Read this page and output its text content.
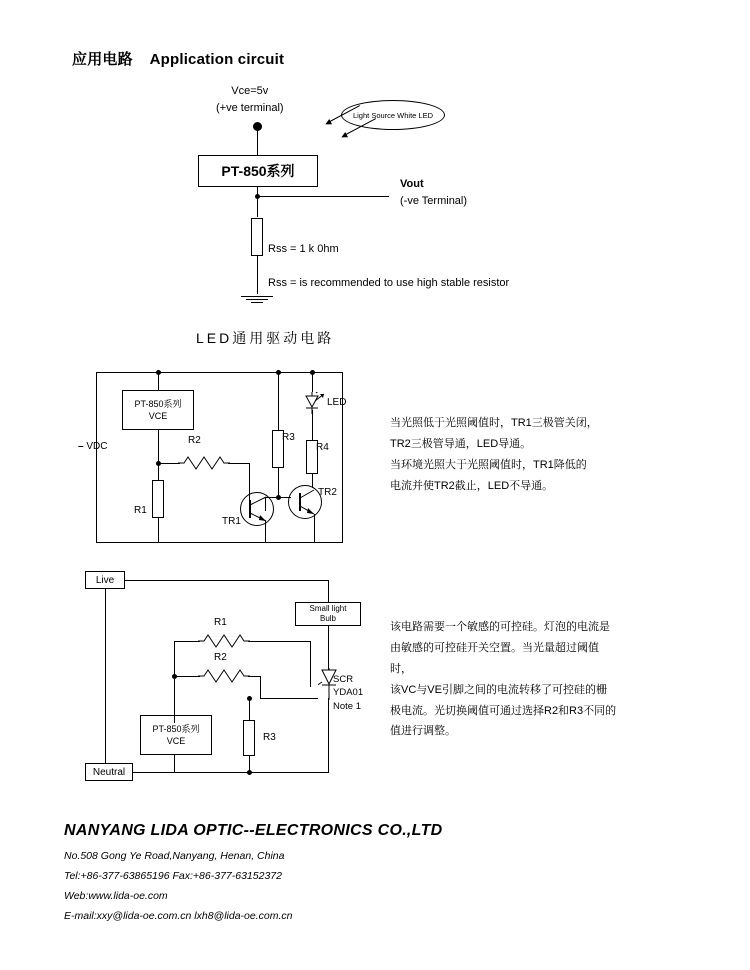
应用电路 Application circuit
Vce=5v
(+ve terminal)
PT-850系列
Vout
(-ve Terminal)

Rss = 1 k 0hm

Rss = is recommended to use high stable resistor

Light Source White LED
LED通用驱动电路
– VDC
PT-850系列
VCE
R2
R1
TR1
R3
R4
TR2
LED
当光照低于光照阈值时，TR1三极管关闭，
TR2三极管导通，LED导通。
当环境光照大于光照阈值时，TR1降低的
电流并使TR2截止，LED不导通。
Live
Neutral
Small light
Bulb
SCR
YDA01
Note 1
R1
R2
PT-850系列
VCE	R3
该电路需要一个敏感的可控硅。灯泡的电流是
由敏感的可控硅开关空置。当光量超过阈值时，
该VC与VE引脚之间的电流转移了可控硅的栅
极电流。光切换阈值可通过选择R2和R3不同的
值进行调整。
NANYANG LIDA OPTIC--ELECTRONICS CO.,LTD
No.508 Gong Ye Road,Nanyang, Henan, China
Tel:+86-377-63865196 Fax:+86-377-63152372
Web:www.lida-oe.com
E-mail:xxy@lida-oe.com.cn lxh8@lida-oe.com.cn
